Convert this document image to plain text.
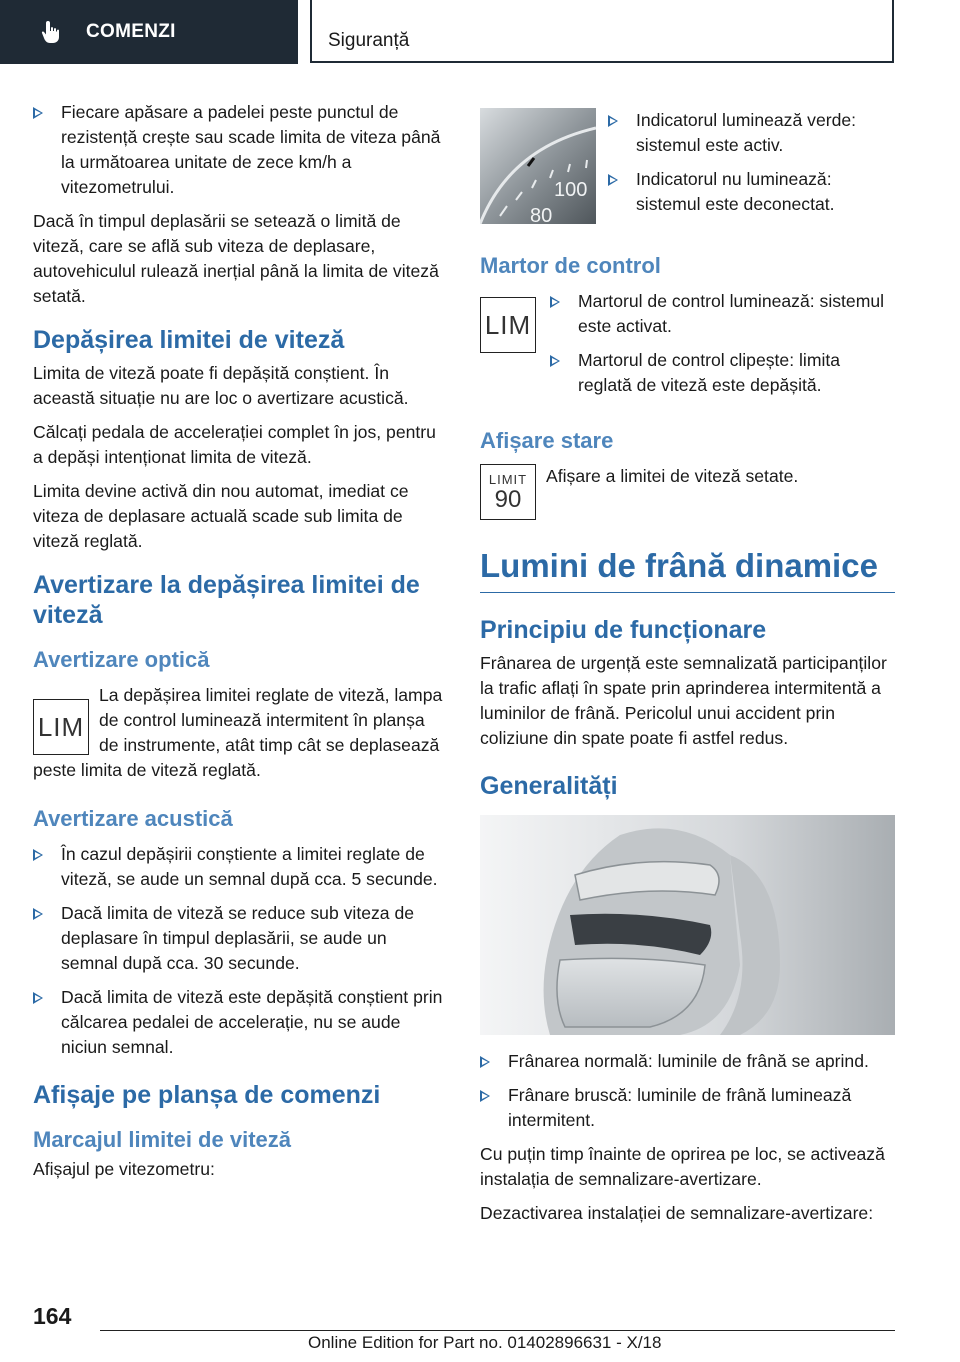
COMENZI	Siguranță
Fiecare apăsare a padelei peste punctul de rezistență crește sau scade limita de viteza până la următoarea unitate de zece km/h a vitezometrului.

Dacă în timpul deplasării se setează o limită de viteză, care se află sub viteza de deplasare, autovehiculul rulează inerțial până la limita de viteză setată.

Depășirea limitei de viteză

Limita de viteză poate fi depășită conștient. În această situație nu are loc o avertizare acustică.

Călcați pedala de accelerației complet în jos, pentru a depăși intenționat limita de viteză.

Limita devine activă din nou automat, imediat ce viteza de deplasare actuală scade sub limita de viteză reglată.

Avertizare la depășirea limitei de viteză
Avertizare optică
LIM

La depășirea limitei reglate de viteză, lampa de control luminează intermitent în planșa de instrumente, atât timp cât se deplasează peste limita de viteză reglată.

Avertizare acustică
În cazul depășirii conștiente a limitei reglate de viteză, se aude un semnal după cca. 5 secunde.
Dacă limita de viteză se reduce sub viteza de deplasare în timpul deplasării, se aude un semnal după cca. 30 secunde.
Dacă limita de viteză este depășită conștient prin călcarea pedalei de accelerație, nu se aude niciun semnal.
Afișaje pe planșa de comenzi
Marcajul limitei de viteză

Afișajul pe vitezometru:

100
80
Indicatorul luminează verde: sistemul este activ.
Indicatorul nu luminează: sistemul este deconectat.
Martor de control
LIM
Martorul de control luminează: sistemul este activat.
Martorul de control clipește: limita reglată de viteză este depășită.
Afișare stare
LIMIT
90

Afișare a limitei de viteză setate.

Lumini de frână dinamice
Principiu de funcționare

Frânarea de urgență este semnalizată participanților la trafic aflați în spate prin aprinderea intermitentă a luminilor de frână. Pericolul unui accident prin coliziune din spate poate fi astfel redus.

Generalități
Frânarea normală: luminile de frână se aprind.
Frânare bruscă: luminile de frână luminează intermitent.

Cu puțin timp înainte de oprirea pe loc, se activează instalația de semnalizare-avertizare.

Dezactivarea instalației de semnalizare-avertizare:

164
Online Edition for Part no. 01402896631 - X/18
